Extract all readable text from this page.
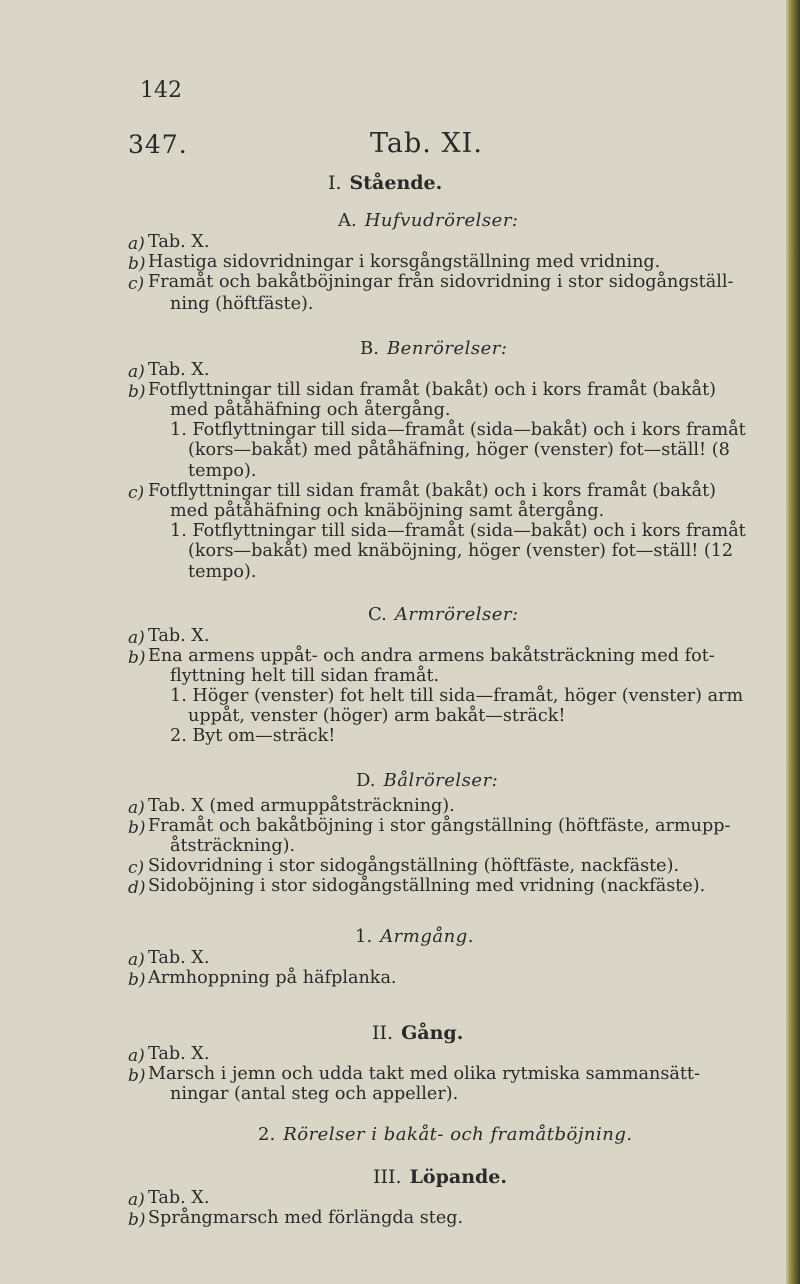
142
347.	Tab. XI.
I. Stående.
A. Hufvudrörelser:
a) Tab. X.
b) Hastiga sidovridningar i korsgångställning med vridning.
c) Framåt och bakåtböjningar från sidovridning i stor sidogångställ-
ning (höftfäste).
B. Benrörelser:
a) Tab. X.
b) Fotflyttningar till sidan framåt (bakåt) och i kors framåt (bakåt)
med påtåhäfning och återgång.
1. Fotflyttningar till sida—framåt (sida—bakåt) och i kors framåt
(kors—bakåt) med påtåhäfning, höger (venster) fot—ställ! (8
tempo).
c) Fotflyttningar till sidan framåt (bakåt) och i kors framåt (bakåt)
med påtåhäfning och knäböjning samt återgång.
1. Fotflyttningar till sida—framåt (sida—bakåt) och i kors framåt
(kors—bakåt) med knäböjning, höger (venster) fot—ställ! (12
tempo).
C. Armrörelser:
a) Tab. X.
b) Ena armens uppåt- och andra armens bakåtsträckning med fot-
flyttning helt till sidan framåt.
1. Höger (venster) fot helt till sida—framåt, höger (venster) arm
uppåt, venster (höger) arm bakåt—sträck!
2. Byt om—sträck!
D. Bålrörelser:
a) Tab. X (med armuppåtsträckning).
b) Framåt och bakåtböjning i stor gångställning (höftfäste, armupp-
åtsträckning).
c) Sidovridning i stor sidogångställning (höftfäste, nackfäste).
d) Sidoböjning i stor sidogångställning med vridning (nackfäste).
1. Armgång.
a) Tab. X.
b) Armhoppning på häfplanka.
II. Gång.
a) Tab. X.
b) Marsch i jemn och udda takt med olika rytmiska sammansätt-
ningar (antal steg och appeller).
2. Rörelser i bakåt- och framåtböjning.
III. Löpande.
a) Tab. X.
b) Språngmarsch med förlängda steg.
